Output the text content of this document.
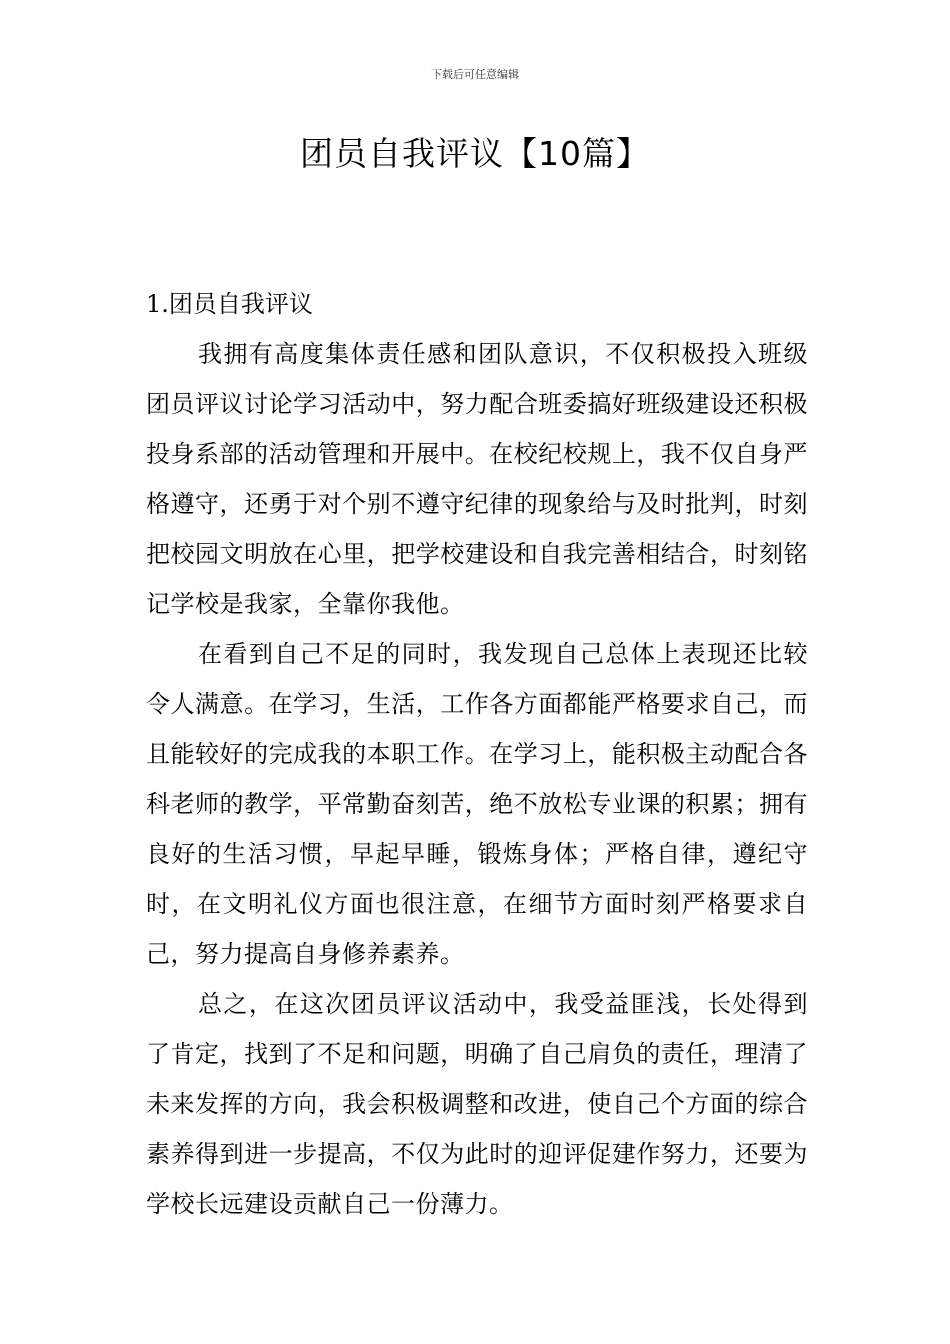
下载后可任意编辑
团员自我评议【10篇】

1.团员自我评议

我拥有高度集体责任感和团队意识，不仅积极投入班级团员评议讨论学习活动中，努力配合班委搞好班级建设还积极投身系部的活动管理和开展中。在校纪校规上，我不仅自身严格遵守，还勇于对个别不遵守纪律的现象给与及时批判，时刻把校园文明放在心里，把学校建设和自我完善相结合，时刻铭记学校是我家，全靠你我他。

在看到自己不足的同时，我发现自己总体上表现还比较令人满意。在学习，生活，工作各方面都能严格要求自己，而且能较好的完成我的本职工作。在学习上，能积极主动配合各科老师的教学，平常勤奋刻苦，绝不放松专业课的积累；拥有良好的生活习惯，早起早睡，锻炼身体；严格自律，遵纪守时，在文明礼仪方面也很注意，在细节方面时刻严格要求自己，努力提高自身修养素养。

总之，在这次团员评议活动中，我受益匪浅，长处得到了肯定，找到了不足和问题，明确了自己肩负的责任，理清了未来发挥的方向，我会积极调整和改进，使自己个方面的综合素养得到进一步提高，不仅为此时的迎评促建作努力，还要为学校长远建设贡献自己一份薄力。
